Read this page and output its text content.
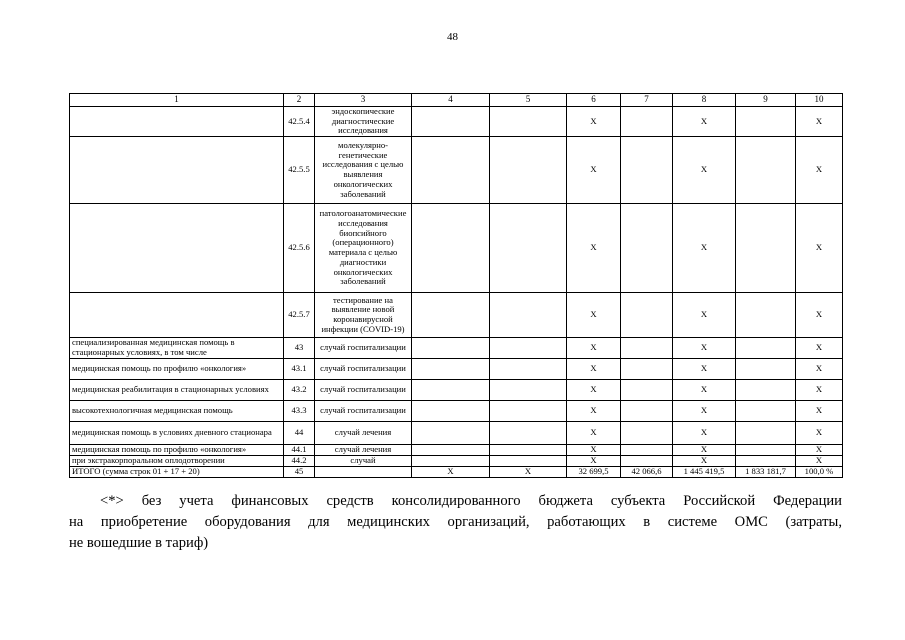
48
1	2	3	4	5	6	7	8	9	10
	42.5.4	эндоскопические диагностические исследования			X		X		X
	42.5.5	молекулярно-генетические исследования с целью выявления онкологических заболеваний			X		X		X
	42.5.6	патологоанатомические исследования биопсийного (операционного) материала с целью диагностики онкологических заболеваний			X		X		X
	42.5.7	тестирование на выявление новой коронавирусной инфекции (COVID-19)			X		X		X
специализированная медицинская помощь в стационарных условиях, в том числе	43	случай госпитализации			X		X		X
медицинская помощь по профилю «онкология»	43.1	случай госпитализации			X		X		X
медицинская реабилитация в стационарных условиях	43.2	случай госпитализации			X		X		X
высокотехнологичная медицинская помощь	43.3	случай госпитализации			X		X		X
медицинская помощь в условиях дневного стационара	44	случай лечения			X		X		X
медицинская помощь по профилю «онкология»	44.1	случай лечения			X		X		X
при экстракорпоральном оплодотворении	44.2	случай			X		X		X
ИТОГО (сумма строк 01 + 17 + 20)	45		X	X	32 699,5	42 066,6	1 445 419,5	1 833 181,7	100,0 %
<*> без учета финансовых средств консолидированного бюджета субъекта Российской Федерации
на приобретение оборудования для медицинских организаций, работающих в системе ОМС (затраты,
не вошедшие в тариф)
